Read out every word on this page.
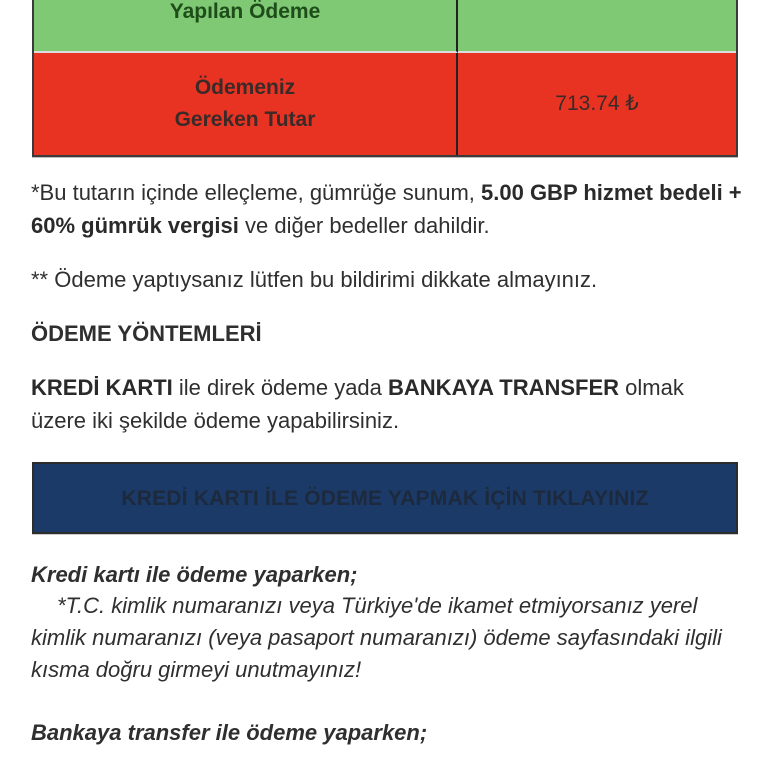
Yapılan Ödeme	

Ödemeniz
Gereken Tutar	713.74 ₺

*Bu tutarın içinde elleçleme, gümrüğe sunum, 5.00 GBP hizmet bedeli + 60% gümrük vergisi ve diğer bedeller dahildir.

** Ödeme yaptıysanız lütfen bu bildirimi dikkate almayınız.

ÖDEME YÖNTEMLERİ

KREDİ KARTI ile direk ödeme yada BANKAYA TRANSFER olmak üzere iki şekilde ödeme yapabilirsiniz.

KREDİ KARTI İLE ÖDEME YAPMAK İÇİN TIKLAYINIZ

Kredi kartı ile ödeme yaparken;

*T.C. kimlik numaranızı veya Türkiye'de ikamet etmiyorsanız yerel kimlik numaranızı (veya pasaport numaranızı) ödeme sayfasındaki ilgili kısma doğru girmeyi unutmayınız!

Bankaya transfer ile ödeme yaparken;
